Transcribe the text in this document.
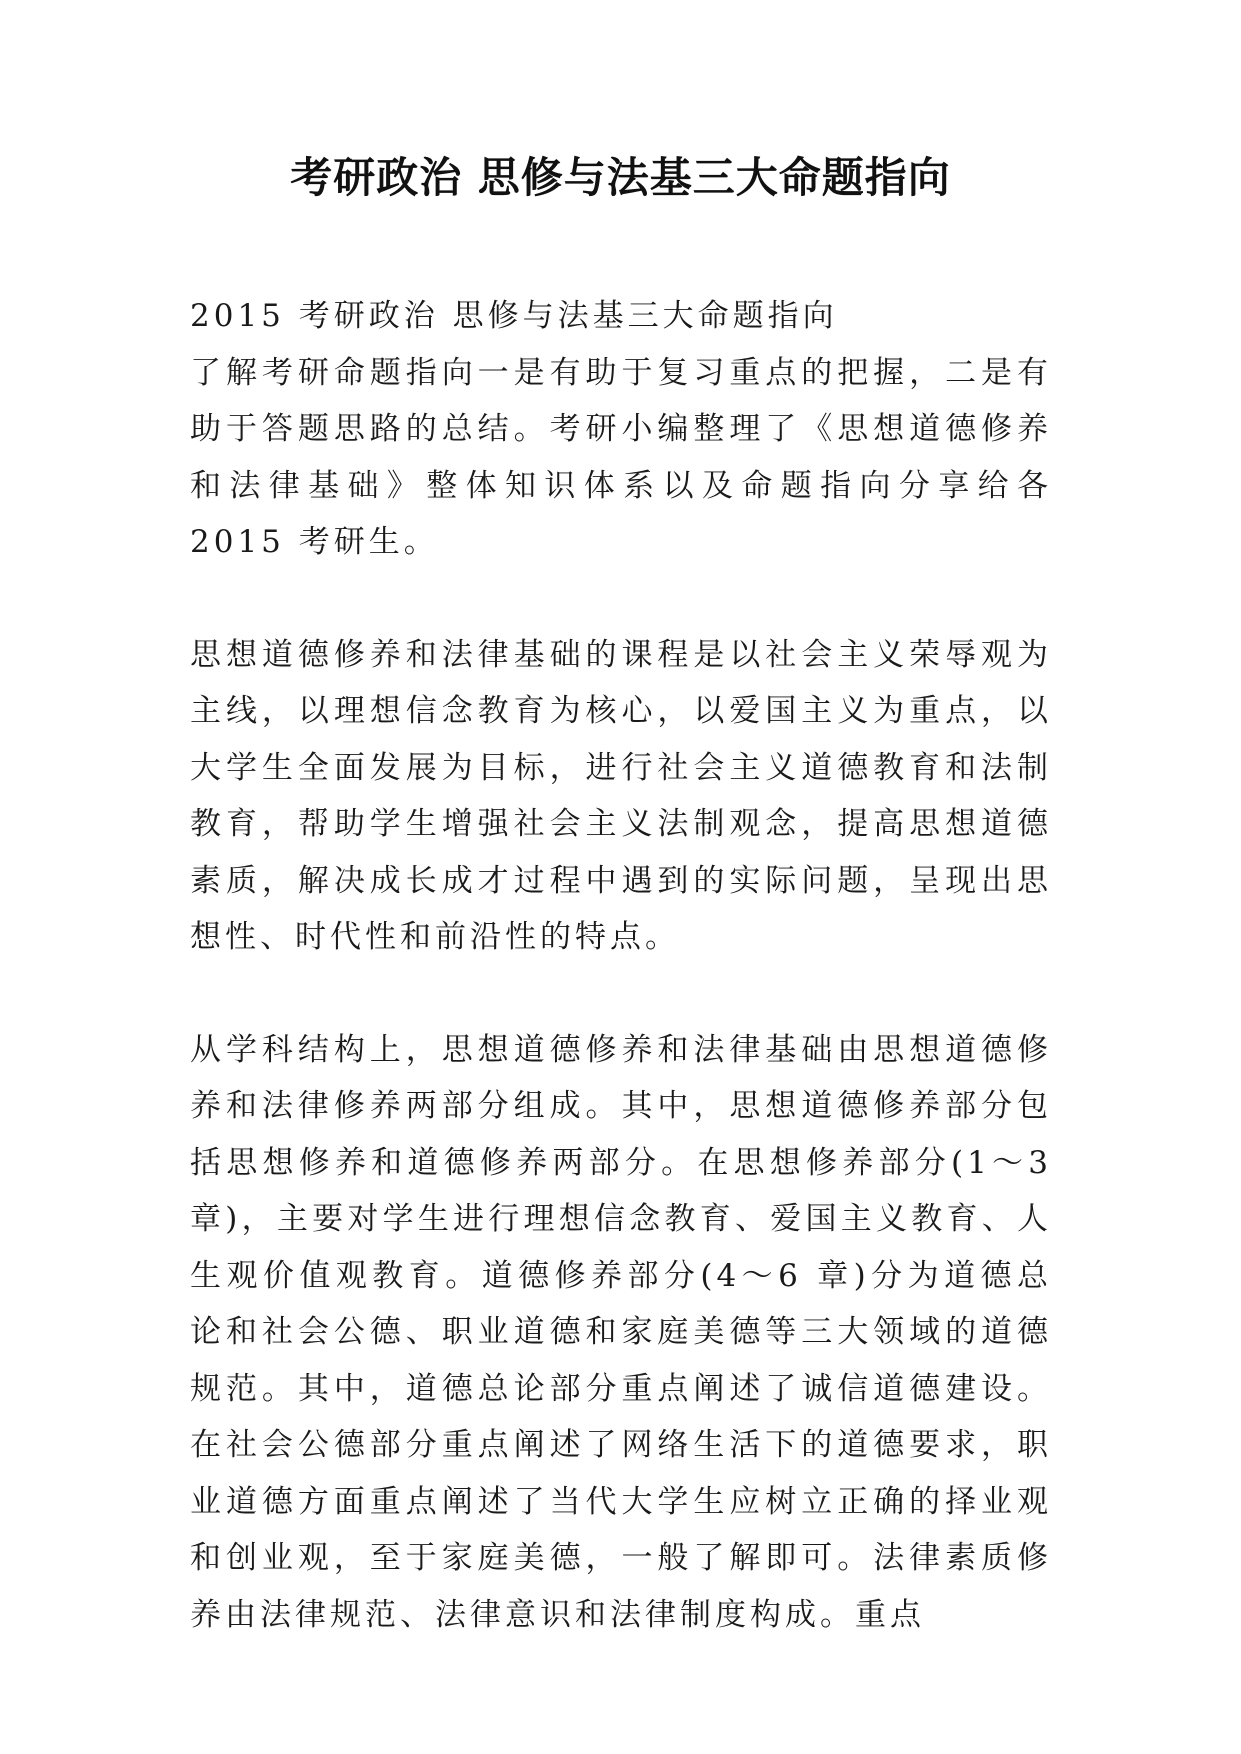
考研政治 思修与法基三大命题指向

2015 考研政治 思修与法基三大命题指向

了解考研命题指向一是有助于复习重点的把握，二是有助于答题思路的总结。考研小编整理了《思想道德修养和法律基础》整体知识体系以及命题指向分享给各 2015 考研生。

思想道德修养和法律基础的课程是以社会主义荣辱观为主线，以理想信念教育为核心，以爱国主义为重点，以大学生全面发展为目标，进行社会主义道德教育和法制教育，帮助学生增强社会主义法制观念，提高思想道德素质，解决成长成才过程中遇到的实际问题，呈现出思想性、时代性和前沿性的特点。

从学科结构上，思想道德修养和法律基础由思想道德修养和法律修养两部分组成。其中，思想道德修养部分包括思想修养和道德修养两部分。在思想修养部分(1～3 章)，主要对学生进行理想信念教育、爱国主义教育、人生观价值观教育。道德修养部分(4～6 章)分为道德总论和社会公德、职业道德和家庭美德等三大领域的道德规范。其中，道德总论部分重点阐述了诚信道德建设。在社会公德部分重点阐述了网络生活下的道德要求，职业道德方面重点阐述了当代大学生应树立正确的择业观和创业观，至于家庭美德，一般了解即可。法律素质修养由法律规范、法律意识和法律制度构成。重点
